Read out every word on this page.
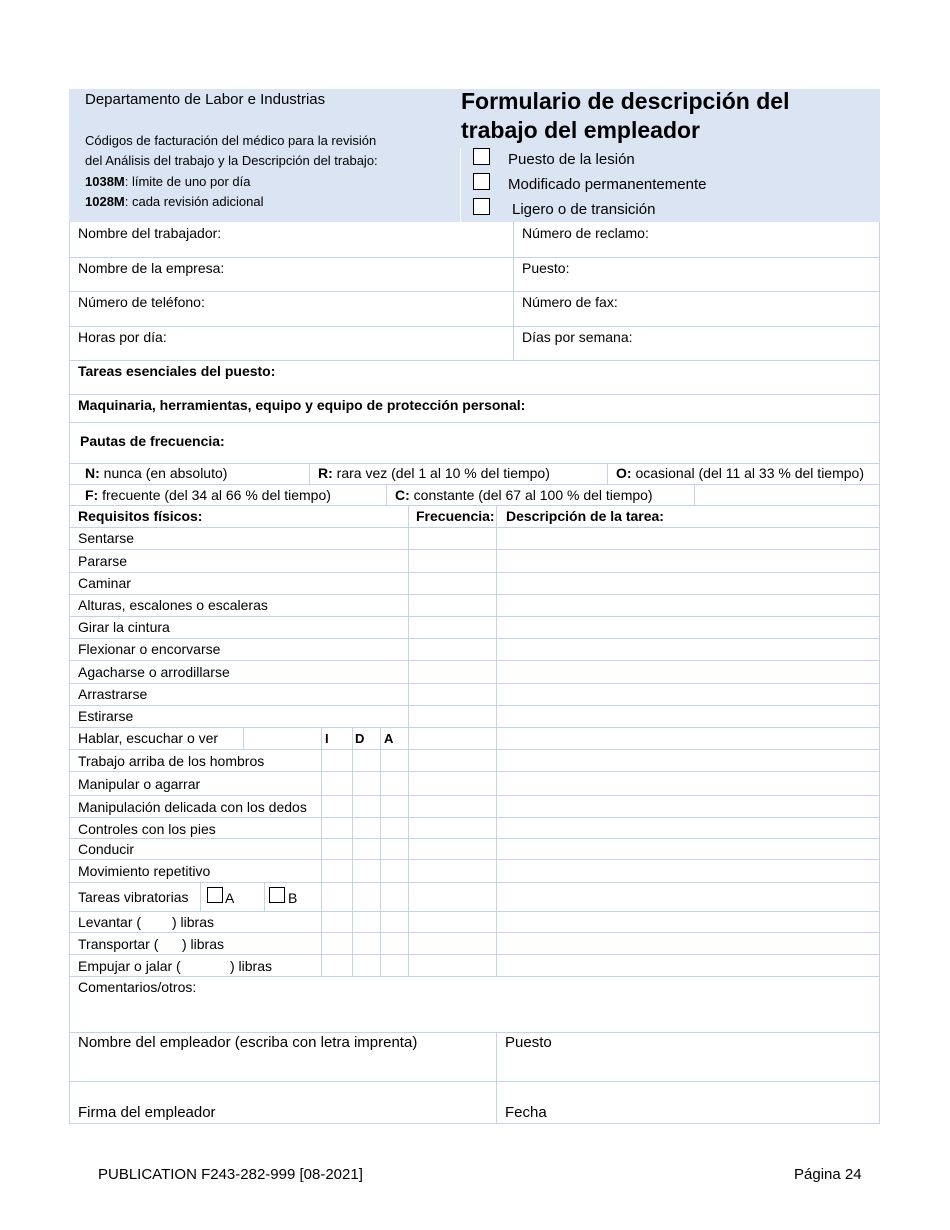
Departamento de Labor e Industrias
Códigos de facturación del médico para la revisión
del Análisis del trabajo y la Descripción del trabajo:
1038M: límite de uno por día
1028M: cada revisión adicional
Formulario de descripción del
trabajo del empleador
Puesto de la lesión
Modificado permanentemente
Ligero o de transición
Nombre del trabajador:	Número de reclamo:
Nombre de la empresa:	Puesto:
Número de teléfono:	Número de fax:
Horas por día:	Días por semana:
Tareas esenciales del puesto:
Maquinaria, herramientas, equipo y equipo de protección personal:
Pautas de frecuencia:
N: nunca (en absoluto)	R: rara vez (del 1 al 10 % del tiempo)	O: ocasional (del 11 al 33 % del tiempo)
F: frecuente (del 34 al 66 % del tiempo)	C: constante (del 67 al 100 % del tiempo)
Requisitos físicos:	Frecuencia: Descripción de la tarea:
Sentarse
Pararse
Caminar
Alturas, escalones o escaleras
Girar la cintura
Flexionar o encorvarse
Agacharse o arrodillarse
Arrastrarse
Estirarse
Hablar, escuchar o ver	I D A
Trabajo arriba de los hombros
Manipular o agarrar
Manipulación delicada con los dedos
Controles con los pies
Conducir
Movimiento repetitivo
Tareas vibratorias	A	B
Levantar ( ) libras
Transportar ( ) libras
Empujar o jalar (	) libras
Comentarios/otros:
Nombre del empleador (escriba con letra imprenta)	Puesto
Firma del empleador	Fecha
PUBLICATION F243-282-999 [08-2021]	Página 24
